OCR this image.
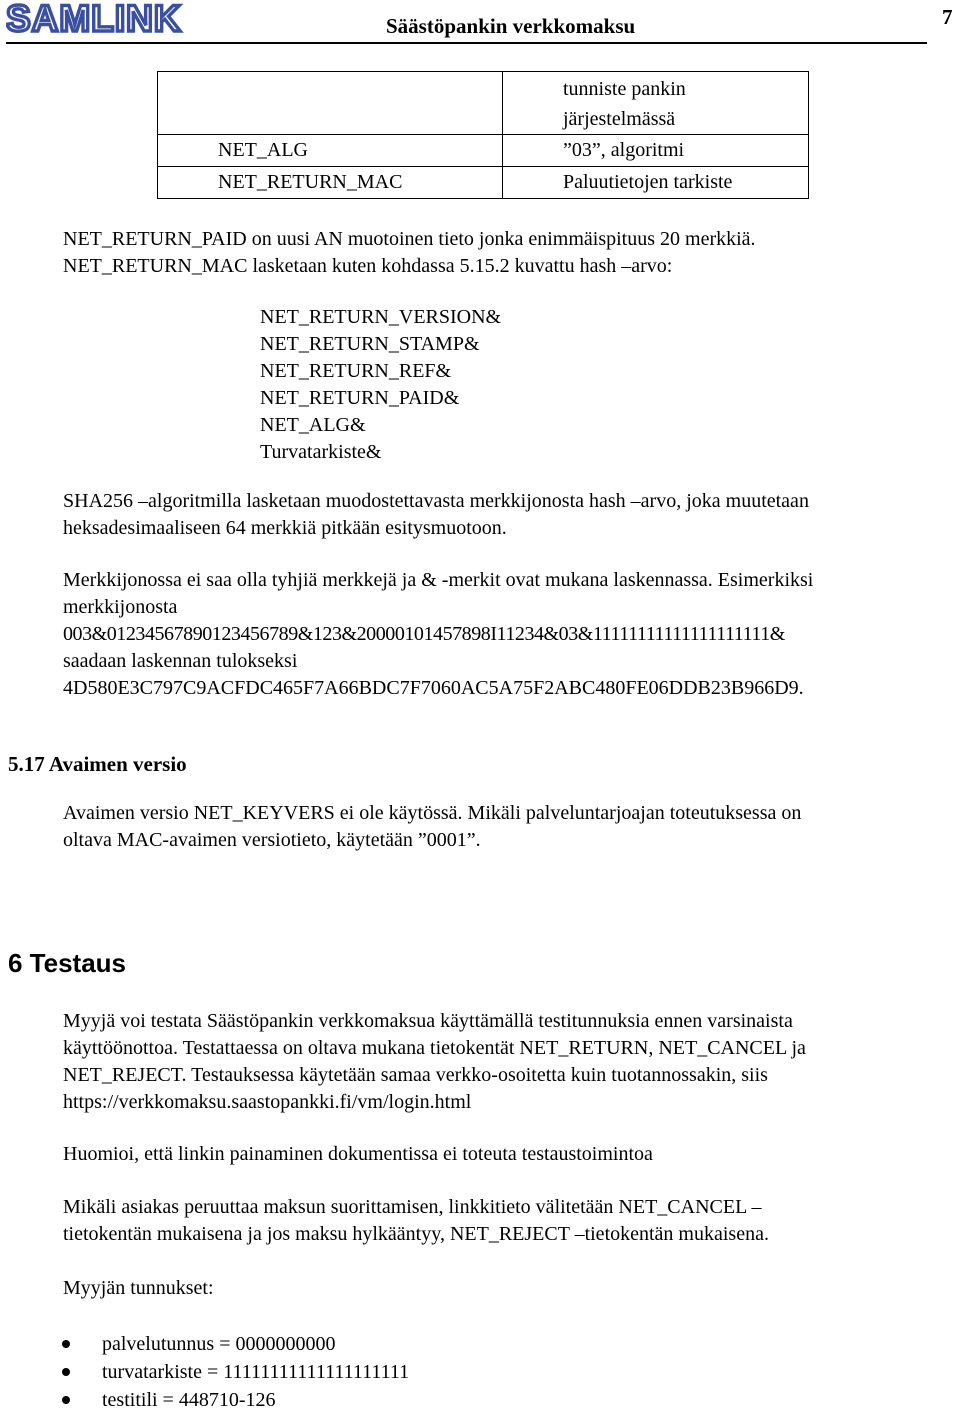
SAMLINK	Säästöpankin verkkomaksu	7

	tunniste pankin
järjestelmässä

NET_ALG	”03”, algoritmi
NET_RETURN_MAC	Paluutietojen tarkiste
NET_RETURN_PAID on uusi AN muotoinen tieto jonka enimmäispituus 20 merkkiä.
NET_RETURN_MAC lasketaan kuten kohdassa 5.15.2 kuvattu hash –arvo:
NET_RETURN_VERSION&
NET_RETURN_STAMP&
NET_RETURN_REF&
NET_RETURN_PAID&
NET_ALG&
Turvatarkiste&
SHA256 –algoritmilla lasketaan muodostettavasta merkkijonosta hash –arvo, joka muutetaan
heksadesimaaliseen 64 merkkiä pitkään esitysmuotoon.
Merkkijonossa ei saa olla tyhjiä merkkejä ja & -merkit ovat mukana laskennassa. Esimerkiksi
merkkijonosta
003&01234567890123456789&123&20000101457898I11234&03&11111111111111111111&
saadaan laskennan tulokseksi
4D580E3C797C9ACFDC465F7A66BDC7F7060AC5A75F2ABC480FE06DDB23B966D9.
5.17 Avaimen versio
Avaimen versio NET_KEYVERS ei ole käytössä. Mikäli palveluntarjoajan toteutuksessa on
oltava MAC-avaimen versiotieto, käytetään ”0001”.
6 Testaus
Myyjä voi testata Säästöpankin verkkomaksua käyttämällä testitunnuksia ennen varsinaista
käyttöönottoa. Testattaessa on oltava mukana tietokentät NET_RETURN, NET_CANCEL ja
NET_REJECT. Testauksessa käytetään samaa verkko-osoitetta kuin tuotannossakin, siis
https://verkkomaksu.saastopankki.fi/vm/login.html
Huomioi, että linkin painaminen dokumentissa ei toteuta testaustoimintoa
Mikäli asiakas peruuttaa maksun suorittamisen, linkkitieto välitetään NET_CANCEL –
tietokentän mukaisena ja jos maksu hylkääntyy, NET_REJECT –tietokentän mukaisena.
Myyjän tunnukset:
palvelutunnus = 0000000000
turvatarkiste = 11111111111111111111
testitili = 448710-126
